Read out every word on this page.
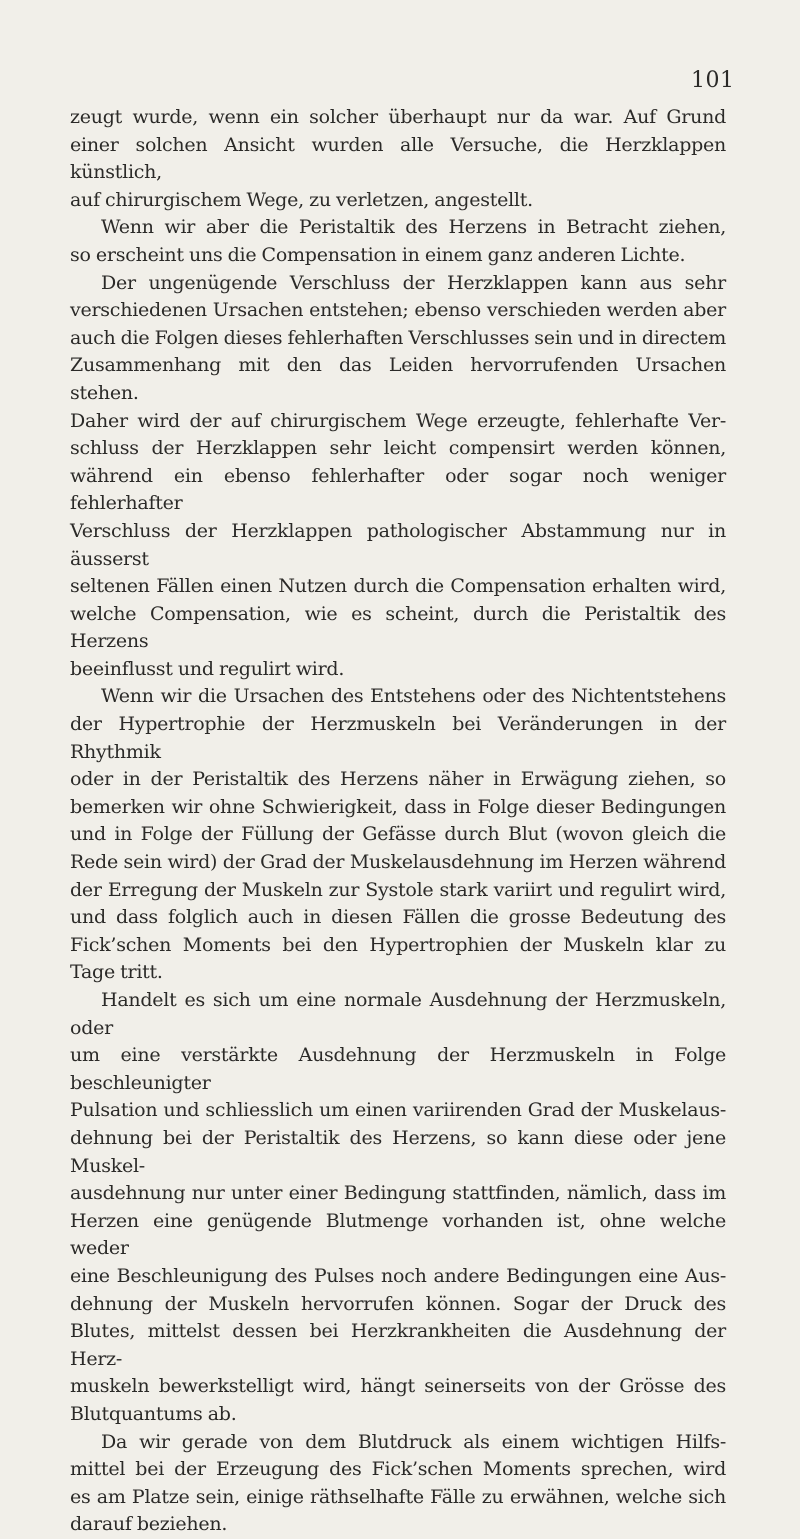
101
zeugt wurde, wenn ein solcher überhaupt nur da war. Auf Grund
einer solchen Ansicht wurden alle Versuche, die Herzklappen künstlich,
auf chirurgischem Wege, zu verletzen, angestellt.
Wenn wir aber die Peristaltik des Herzens in Betracht ziehen,
so erscheint uns die Compensation in einem ganz anderen Lichte.
Der ungenügende Verschluss der Herzklappen kann aus sehr
verschiedenen Ursachen entstehen; ebenso verschieden werden aber
auch die Folgen dieses fehlerhaften Verschlusses sein und in directem
Zusammenhang mit den das Leiden hervorrufenden Ursachen stehen.
Daher wird der auf chirurgischem Wege erzeugte, fehlerhafte Ver-
schluss der Herzklappen sehr leicht compensirt werden können,
während ein ebenso fehlerhafter oder sogar noch weniger fehlerhafter
Verschluss der Herzklappen pathologischer Abstammung nur in äusserst
seltenen Fällen einen Nutzen durch die Compensation erhalten wird,
welche Compensation, wie es scheint, durch die Peristaltik des Herzens
beeinflusst und regulirt wird.
Wenn wir die Ursachen des Entstehens oder des Nichtentstehens
der Hypertrophie der Herzmuskeln bei Veränderungen in der Rhythmik
oder in der Peristaltik des Herzens näher in Erwägung ziehen, so
bemerken wir ohne Schwierigkeit, dass in Folge dieser Bedingungen
und in Folge der Füllung der Gefässe durch Blut (wovon gleich die
Rede sein wird) der Grad der Muskelausdehnung im Herzen während
der Erregung der Muskeln zur Systole stark variirt und regulirt wird,
und dass folglich auch in diesen Fällen die grosse Bedeutung des
Fick’schen Moments bei den Hypertrophien der Muskeln klar zu
Tage tritt.
Handelt es sich um eine normale Ausdehnung der Herzmuskeln, oder
um eine verstärkte Ausdehnung der Herzmuskeln in Folge beschleunigter
Pulsation und schliesslich um einen variirenden Grad der Muskelaus-
dehnung bei der Peristaltik des Herzens, so kann diese oder jene Muskel-
ausdehnung nur unter einer Bedingung stattfinden, nämlich, dass im
Herzen eine genügende Blutmenge vorhanden ist, ohne welche weder
eine Beschleunigung des Pulses noch andere Bedingungen eine Aus-
dehnung der Muskeln hervorrufen können. Sogar der Druck des
Blutes, mittelst dessen bei Herzkrankheiten die Ausdehnung der Herz-
muskeln bewerkstelligt wird, hängt seinerseits von der Grösse des
Blutquantums ab.
Da wir gerade von dem Blutdruck als einem wichtigen Hilfs-
mittel bei der Erzeugung des Fick’schen Moments sprechen, wird
es am Platze sein, einige räthselhafte Fälle zu erwähnen, welche sich
darauf beziehen.
